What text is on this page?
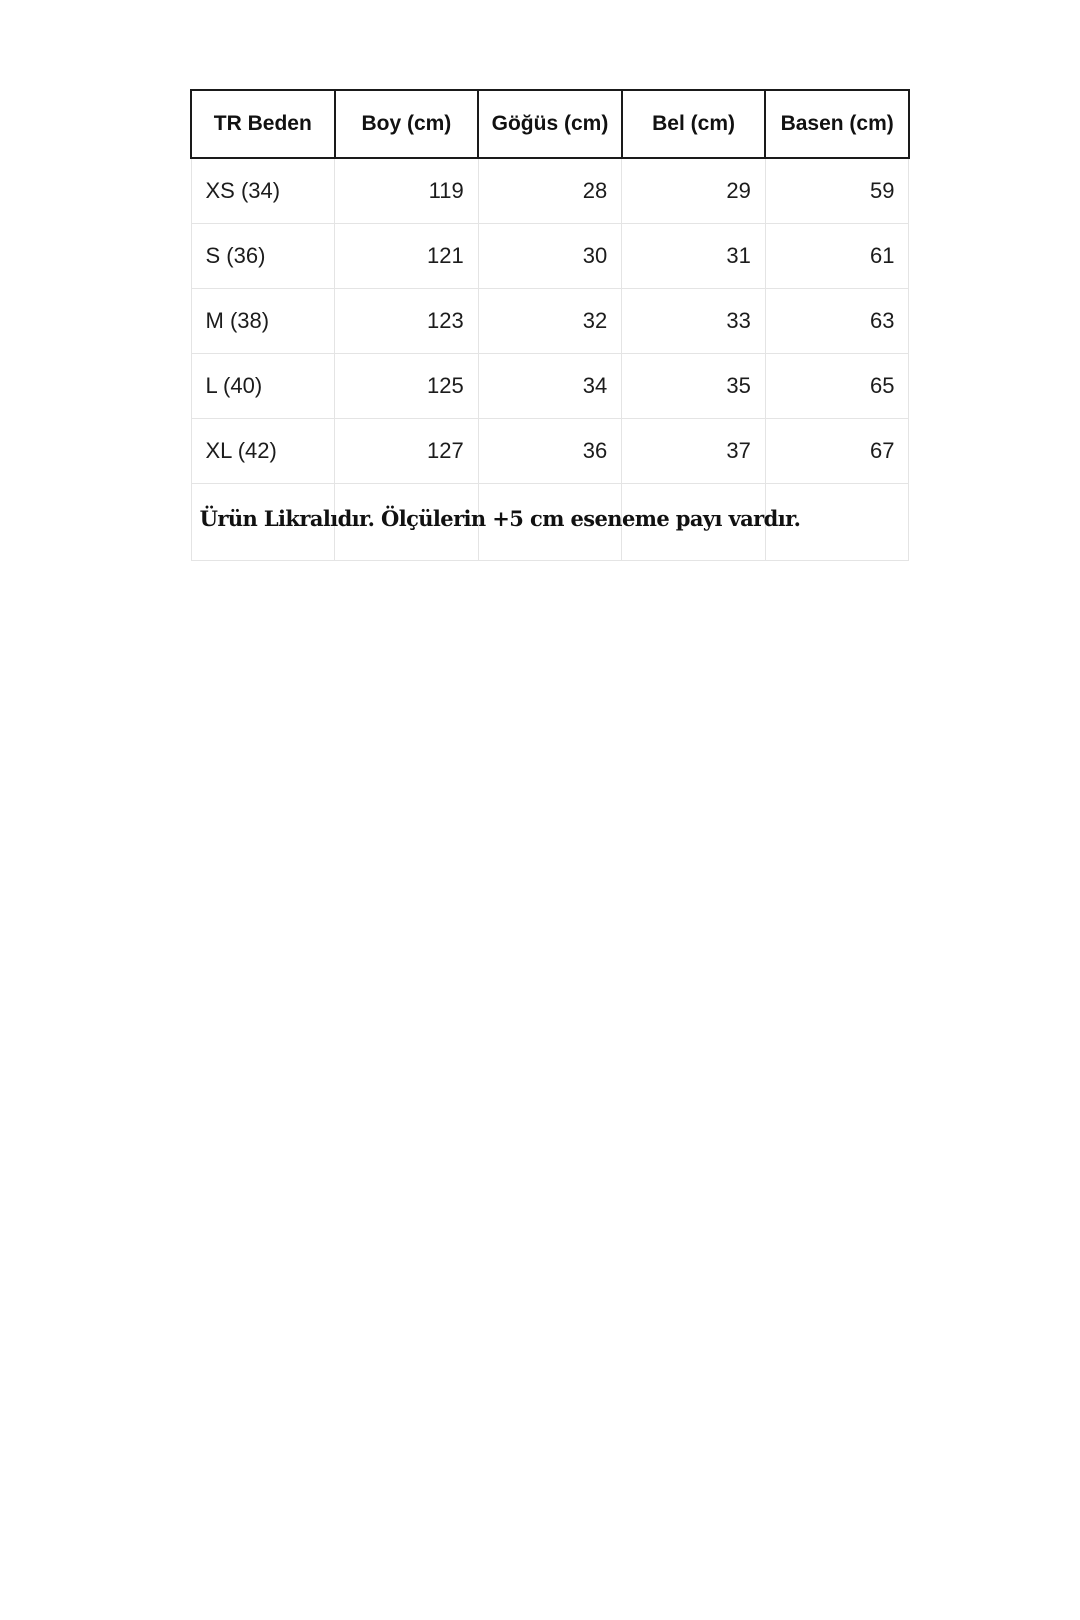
TR Beden	Boy (cm)	Göğüs (cm)	Bel (cm)	Basen (cm)
XS (34)	119	28	29	59
S (36)	121	30	31	61
M (38)	123	32	33	63
L (40)	125	34	35	65
XL (42)	127	36	37	67

Ürün Likralıdır. Ölçülerin +5 cm eseneme payı vardır.
